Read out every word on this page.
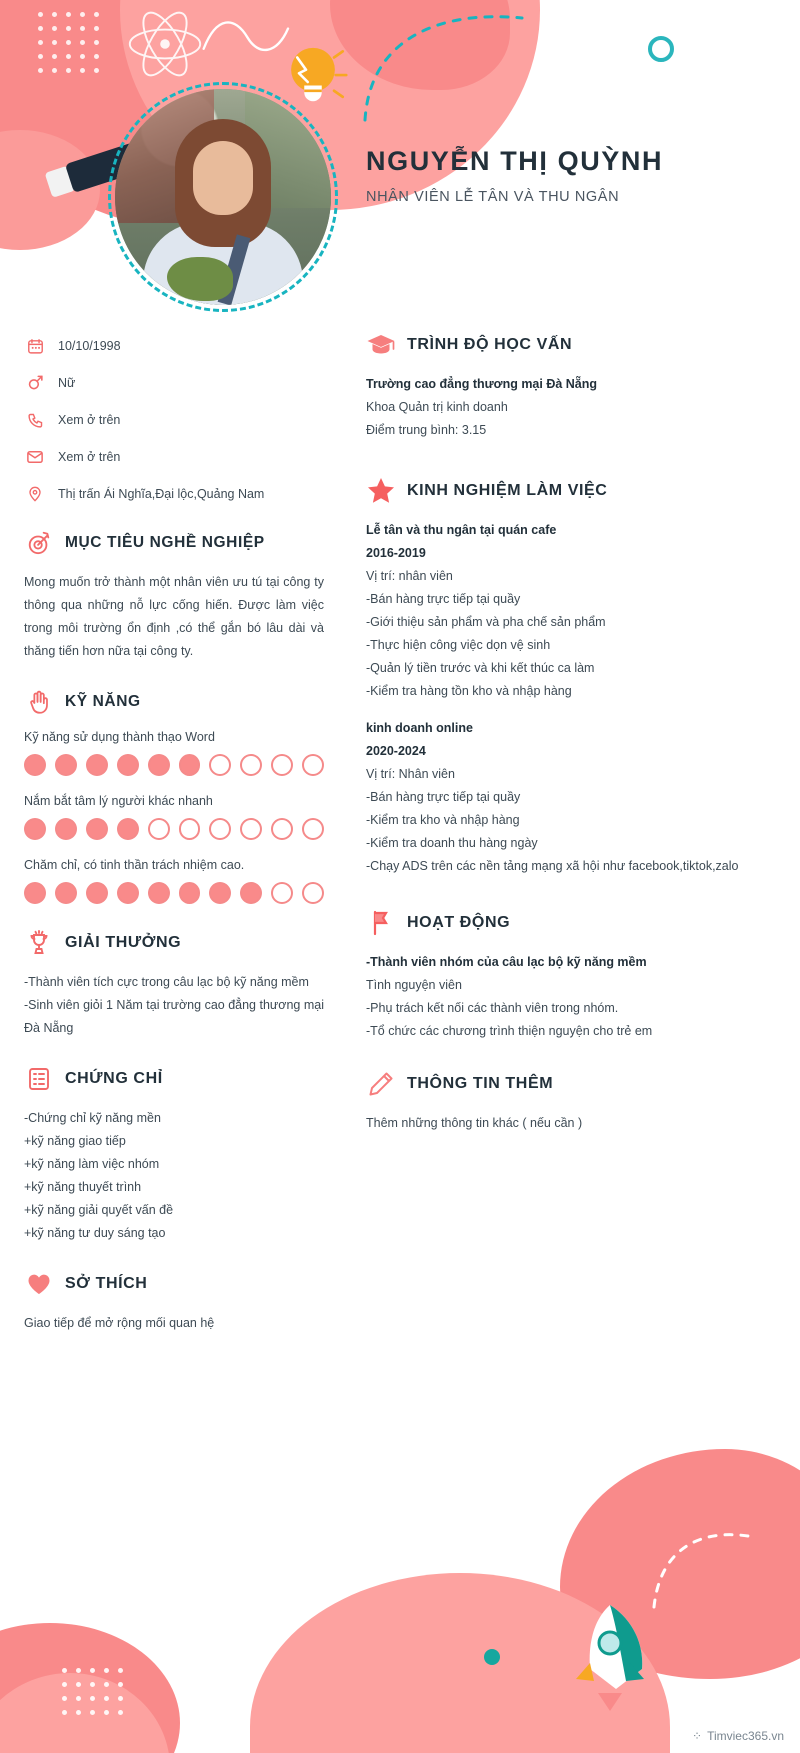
NGUYỄN THỊ QUỲNH
NHÂN VIÊN LỄ TÂN VÀ THU NGÂN
10/10/1998
Nữ
Xem ở trên
Xem ở trên
Thị trấn Ái Nghĩa,Đại lộc,Quảng Nam
MỤC TIÊU NGHỀ NGHIỆP
Mong muốn trở thành một nhân viên ưu tú tại công ty thông qua những nỗ lực cống hiến. Được làm việc trong môi trường ổn định ,có thể gắn bó lâu dài và thăng tiến hơn nữa tại công ty.
KỸ NĂNG
Kỹ năng sử dụng thành thạo Word
Nắm bắt tâm lý người khác nhanh
Chăm chỉ, có tinh thần trách nhiệm cao.
GIẢI THƯỞNG
-Thành viên tích cực trong câu lạc bộ kỹ năng mềm
-Sinh viên giỏi 1 Năm tại trường cao đẳng thương mại Đà Nẵng
CHỨNG CHỈ
-Chứng chỉ kỹ năng mền
+kỹ năng giao tiếp
+kỹ năng làm việc nhóm
+kỹ năng thuyết trình
+kỹ năng giải quyết vấn đề
+kỹ năng tư duy sáng tạo
SỞ THÍCH
Giao tiếp để mở rộng mối quan hệ
TRÌNH ĐỘ HỌC VẤN
Trường cao đẳng thương mại Đà Nẵng
Khoa Quản trị kinh doanh
Điểm trung bình: 3.15
KINH NGHIỆM LÀM VIỆC
Lễ tân và thu ngân tại quán cafe
2016-2019
Vị trí: nhân viên
-Bán hàng trực tiếp tại quầy
-Giới thiệu sản phẩm và pha chế sản phẩm
-Thực hiện công việc dọn vệ sinh
-Quản lý tiền trước và khi kết thúc ca làm
-Kiểm tra hàng tồn kho và nhập hàng
kinh doanh online
2020-2024
Vị trí: Nhân viên
-Bán hàng trực tiếp tại quầy
-Kiểm tra kho và nhập hàng
-Kiểm tra doanh thu hàng ngày
-Chạy ADS trên các nền tảng mạng xã hội như facebook,tiktok,zalo
HOẠT ĐỘNG
-Thành viên nhóm của câu lạc bộ kỹ năng mềm
Tình nguyện viên
-Phụ trách kết nối các thành viên trong nhóm.
-Tổ chức các chương trình thiện nguyện cho trẻ em
THÔNG TIN THÊM
Thêm những thông tin khác ( nếu cần )
⁘ Timviec365.vn
